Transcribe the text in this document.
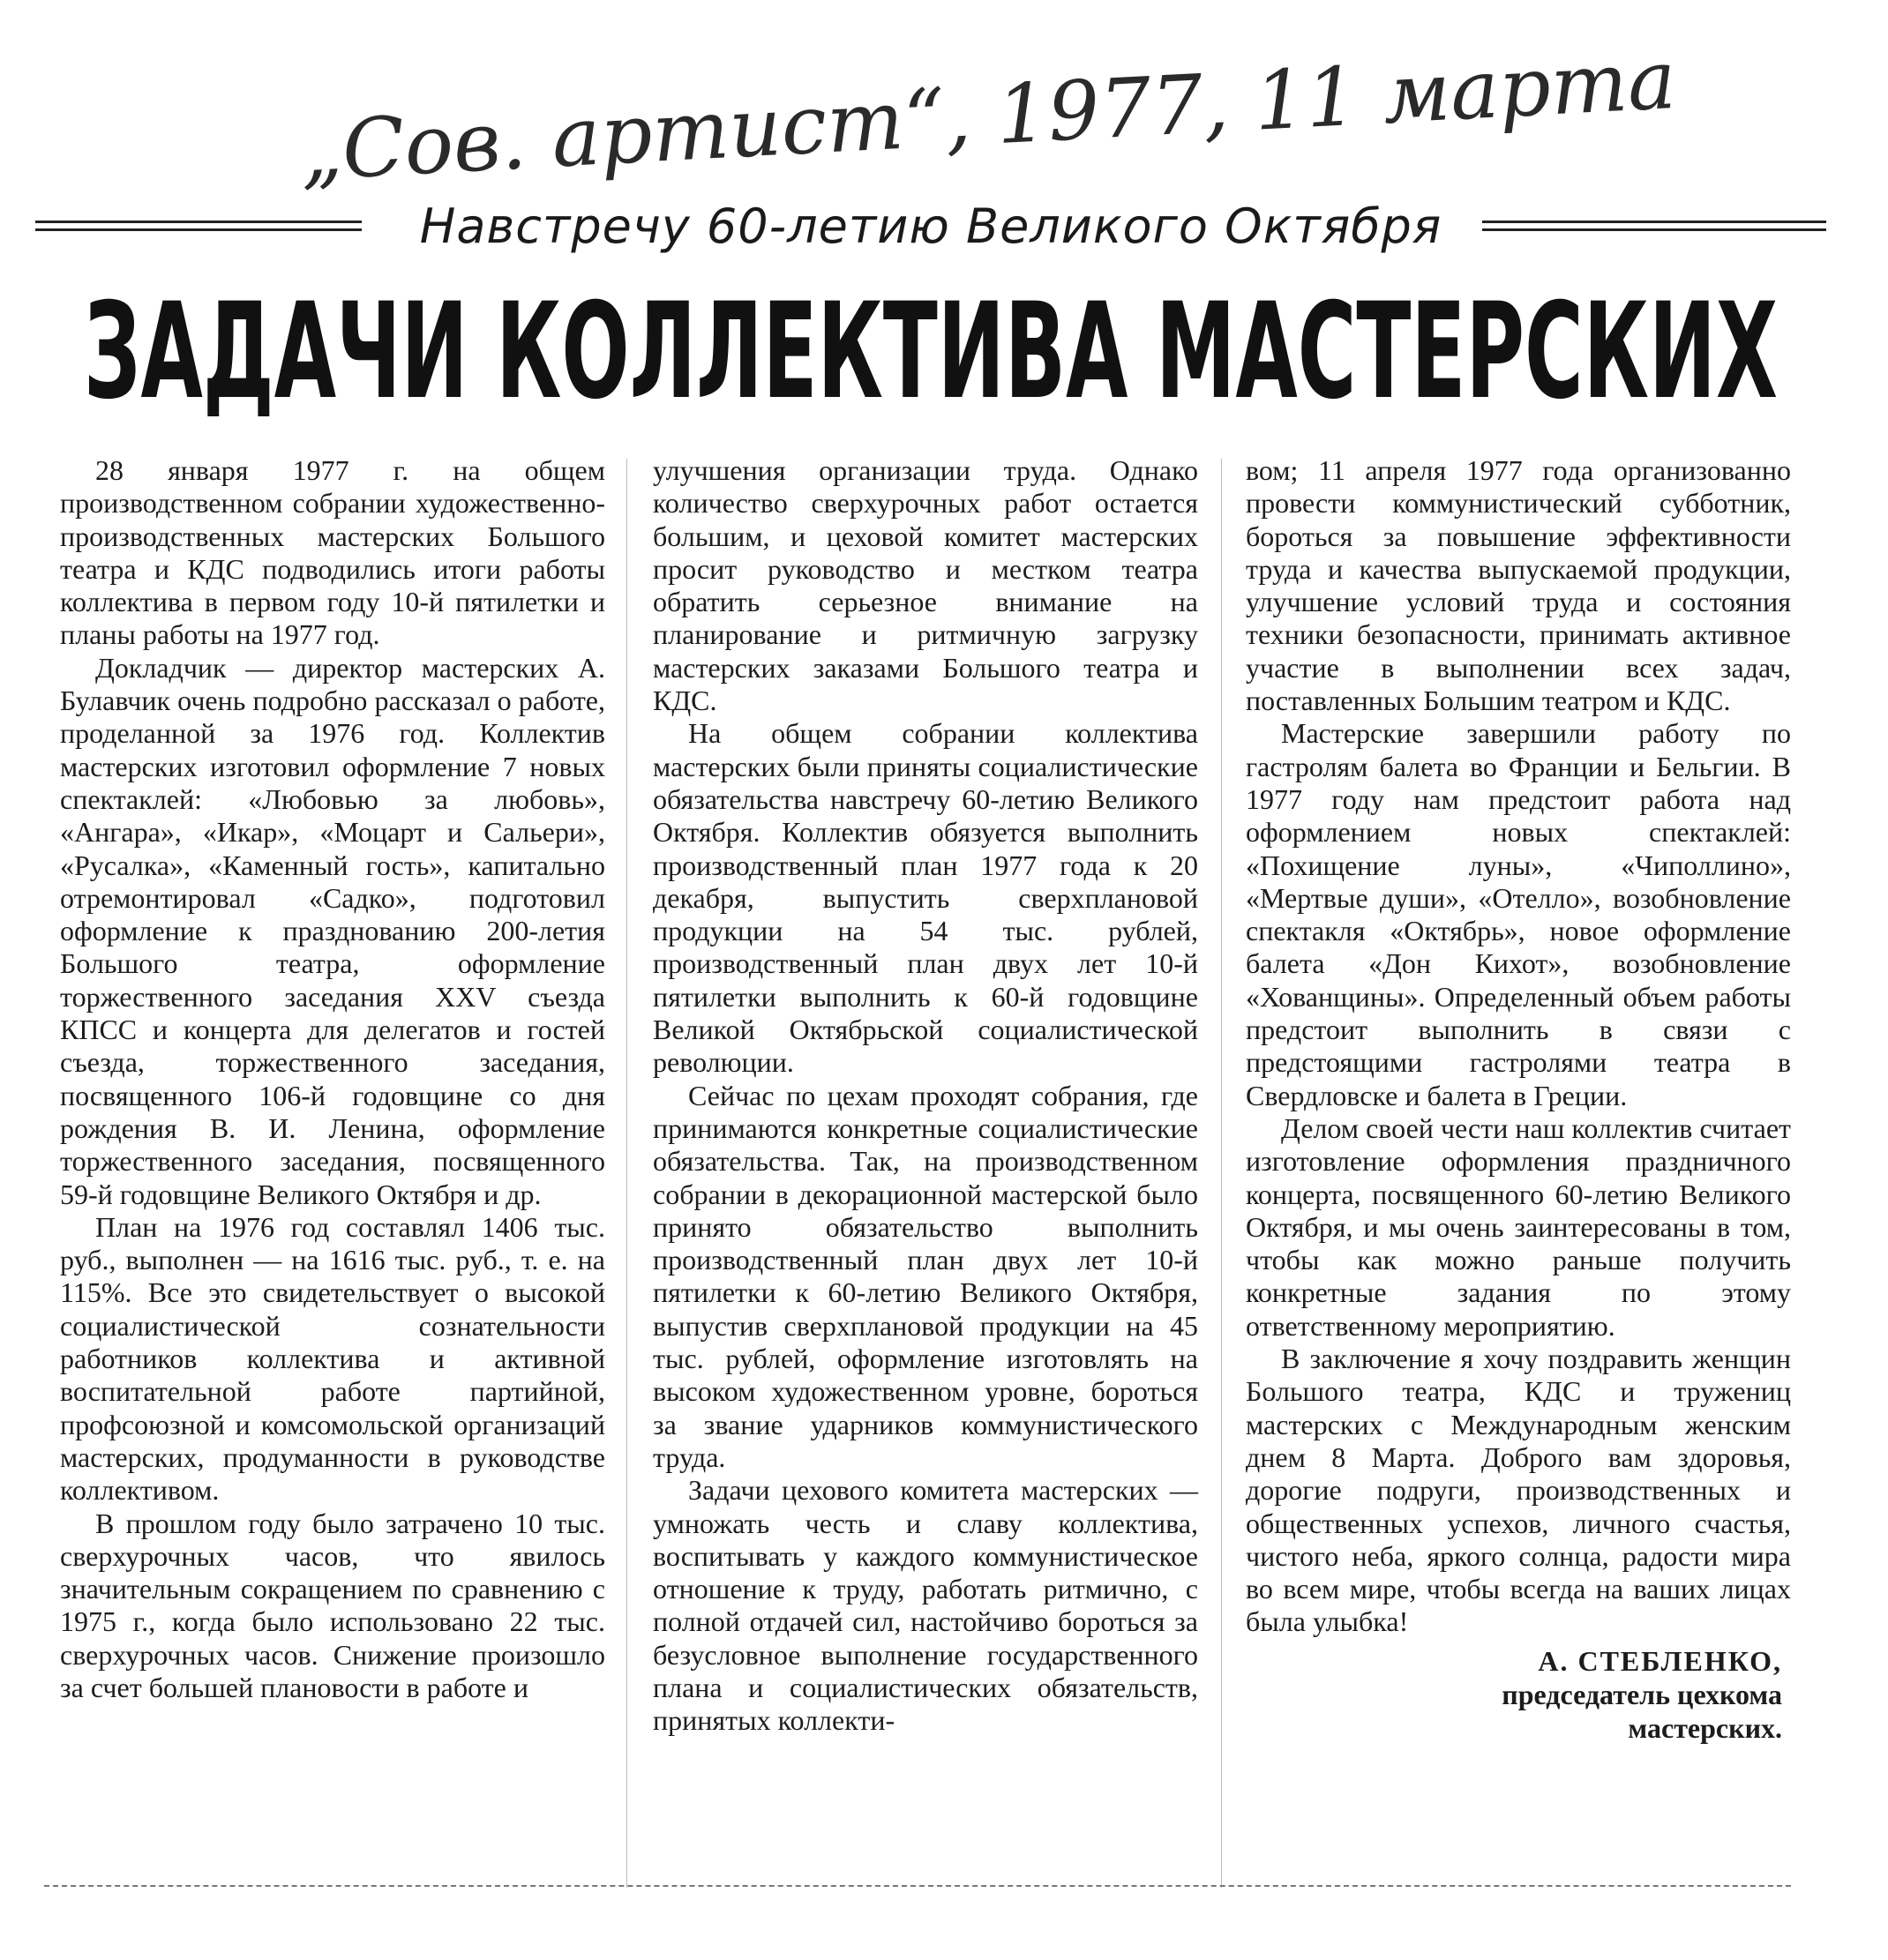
„Сов. артист“, 1977, 11 марта
Навстречу 60-летию Великого Октября
ЗАДАЧИ КОЛЛЕКТИВА МАСТЕРСКИХ

28 января 1977 г. на общем производственном собрании художественно-производственных мастерских Большого театра и КДС подводились итоги работы коллектива в первом году 10-й пятилетки и планы работы на 1977 год.

Докладчик — директор мастерских А. Булавчик очень подробно рассказал о работе, проделанной за 1976 год. Коллектив мастерских изготовил оформление 7 новых спектаклей: «Любовью за любовь», «Ангара», «Икар», «Моцарт и Сальери», «Русалка», «Каменный гость», капитально отремонтировал «Садко», подготовил оформление к празднованию 200-летия Большого театра, оформление торжественного заседания XXV съезда КПСС и концерта для делегатов и гостей съезда, торжественного заседания, посвященного 106-й годовщине со дня рождения В. И. Ленина, оформление торжественного заседания, посвященного 59-й годовщине Великого Октября и др.

План на 1976 год составлял 1406 тыс. руб., выполнен — на 1616 тыс. руб., т. е. на 115%. Все это свидетельствует о высокой социалистической сознательности работников коллектива и активной воспитательной работе партийной, профсоюзной и комсомольской организаций мастерских, продуманности в руководстве коллективом.

В прошлом году было затрачено 10 тыс. сверхурочных часов, что явилось значительным сокращением по сравнению с 1975 г., когда было использовано 22 тыс. сверхурочных часов. Снижение произошло за счет большей плановости в работе и

улучшения организации труда. Однако количество сверхурочных работ остается большим, и цеховой комитет мастерских просит руководство и местком театра обратить серьезное внимание на планирование и ритмичную загрузку мастерских заказами Большого театра и КДС.

На общем собрании коллектива мастерских были приняты социалистические обязательства навстречу 60-летию Великого Октября. Коллектив обязуется выполнить производственный план 1977 года к 20 декабря, выпустить сверхплановой продукции на 54 тыс. рублей, производственный план двух лет 10-й пятилетки выполнить к 60-й годовщине Великой Октябрьской социалистической революции.

Сейчас по цехам проходят собрания, где принимаются конкретные социалистические обязательства. Так, на производственном собрании в декорационной мастерской было принято обязательство выполнить производственный план двух лет 10-й пятилетки к 60-летию Великого Октября, выпустив сверхплановой продукции на 45 тыс. рублей, оформление изготовлять на высоком художественном уровне, бороться за звание ударников коммунистического труда.

Задачи цехового комитета мастерских — умножать честь и славу коллектива, воспитывать у каждого коммунистическое отношение к труду, работать ритмично, с полной отдачей сил, настойчиво бороться за безусловное выполнение государственного плана и социалистических обязательств, принятых коллекти-

вом; 11 апреля 1977 года организованно провести коммунистический субботник, бороться за повышение эффективности труда и качества выпускаемой продукции, улучшение условий труда и состояния техники безопасности, принимать активное участие в выполнении всех задач, поставленных Большим театром и КДС.

Мастерские завершили работу по гастролям балета во Франции и Бельгии. В 1977 году нам предстоит работа над оформлением новых спектаклей: «Похищение луны», «Чиполлино», «Мертвые души», «Отелло», возобновление спектакля «Октябрь», новое оформление балета «Дон Кихот», возобновление «Хованщины». Определенный объем работы предстоит выполнить в связи с предстоящими гастролями театра в Свердловске и балета в Греции.

Делом своей чести наш коллектив считает изготовление оформления праздничного концерта, посвященного 60-летию Великого Октября, и мы очень заинтересованы в том, чтобы как можно раньше получить конкретные задания по этому ответственному мероприятию.

В заключение я хочу поздравить женщин Большого театра, КДС и тружениц мастерских с Международным женским днем 8 Марта. Доброго вам здоровья, дорогие подруги, производственных и общественных успехов, личного счастья, чистого неба, яркого солнца, радости мира во всем мире, чтобы всегда на ваших лицах была улыбка!

А. СТЕБЛЕНКО,
председатель цехкома
мастерских.
